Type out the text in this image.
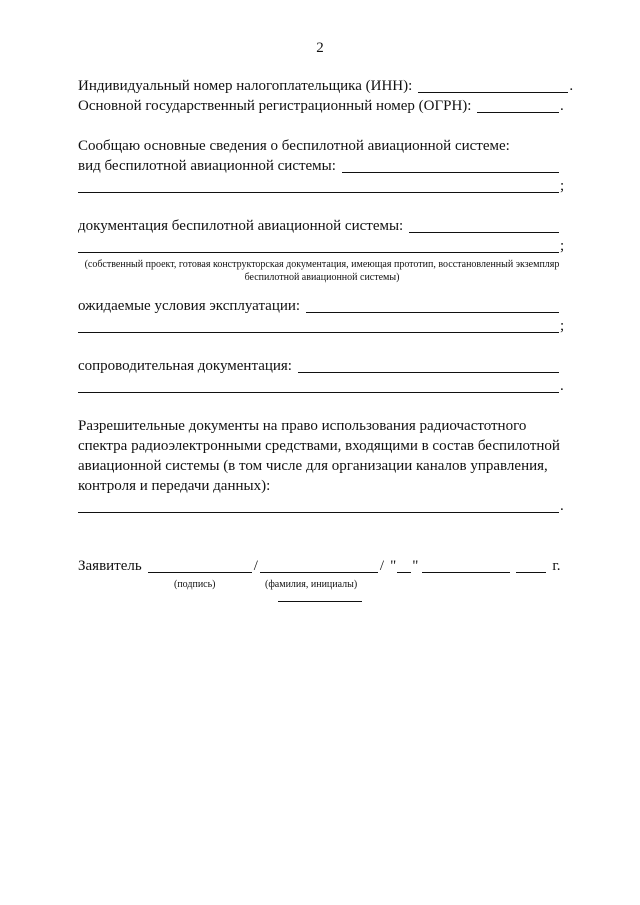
2
Индивидуальный номер налогоплательщика (ИНН):	.
Основной государственный регистрационный номер (ОГРН):	.
Сообщаю основные сведения о беспилотной авиационной системе:
вид беспилотной авиационной системы:
;
документация беспилотной авиационной системы:
;
(собственный проект, готовая конструкторская документация, имеющая прототип, восстановленный экземпляр беспилотной авиационной системы)
ожидаемые условия эксплуатации:
;
сопроводительная документация:
.
Разрешительные документы на право использования радиочастотного
спектра радиоэлектронными средствами, входящими в состав беспилотной
авиационной системы (в том числе для организации каналов управления,
контроля и передачи данных):
.
Заявитель	/	/ " "	г.
(подпись)	(фамилия, инициалы)
